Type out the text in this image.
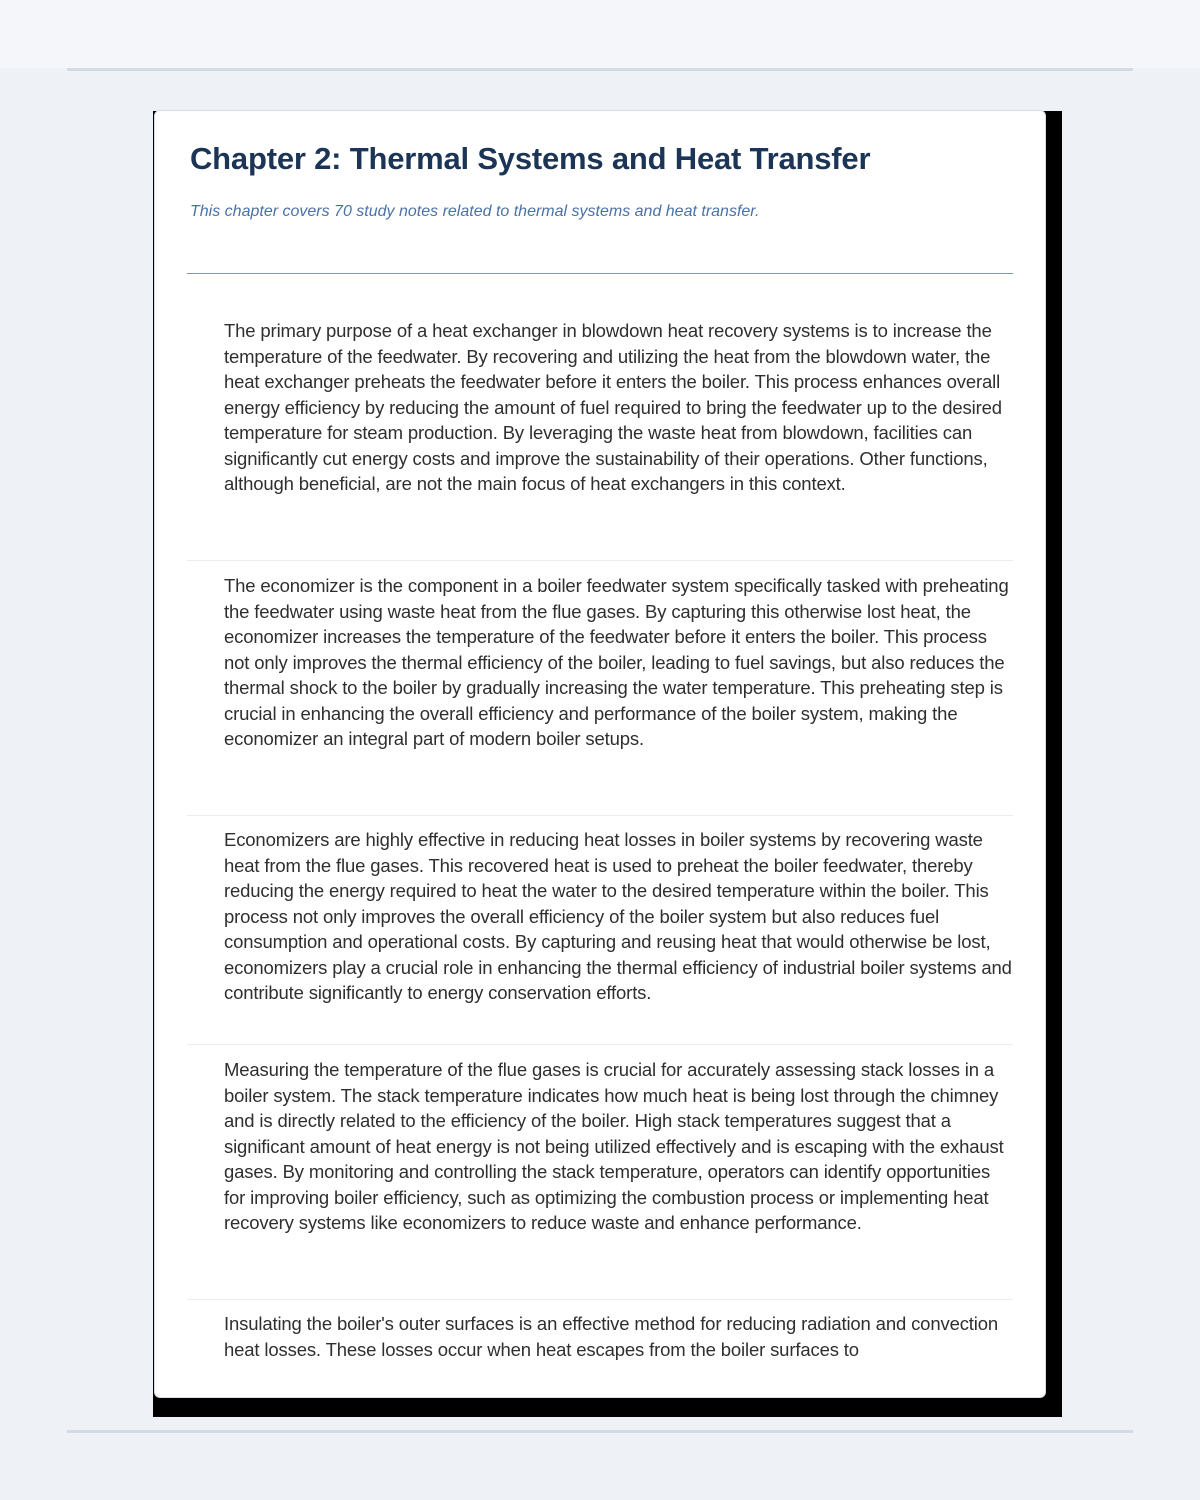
Chapter 2: Thermal Systems and Heat Transfer

This chapter covers 70 study notes related to thermal systems and heat transfer.

The primary purpose of a heat exchanger in blowdown heat recovery systems is to increase the temperature of the feedwater. By recovering and utilizing the heat from the blowdown water, the heat exchanger preheats the feedwater before it enters the boiler. This process enhances overall energy efficiency by reducing the amount of fuel required to bring the feedwater up to the desired temperature for steam production. By leveraging the waste heat from blowdown, facilities can significantly cut energy costs and improve the sustainability of their operations. Other functions, although beneficial, are not the main focus of heat exchangers in this context.

The economizer is the component in a boiler feedwater system specifically tasked with preheating the feedwater using waste heat from the flue gases. By capturing this otherwise lost heat, the economizer increases the temperature of the feedwater before it enters the boiler. This process not only improves the thermal efficiency of the boiler, leading to fuel savings, but also reduces the thermal shock to the boiler by gradually increasing the water temperature. This preheating step is crucial in enhancing the overall efficiency and performance of the boiler system, making the economizer an integral part of modern boiler setups.

Economizers are highly effective in reducing heat losses in boiler systems by recovering waste heat from the flue gases. This recovered heat is used to preheat the boiler feedwater, thereby reducing the energy required to heat the water to the desired temperature within the boiler. This process not only improves the overall efficiency of the boiler system but also reduces fuel consumption and operational costs. By capturing and reusing heat that would otherwise be lost, economizers play a crucial role in enhancing the thermal efficiency of industrial boiler systems and contribute significantly to energy conservation efforts.

Measuring the temperature of the flue gases is crucial for accurately assessing stack losses in a boiler system. The stack temperature indicates how much heat is being lost through the chimney and is directly related to the efficiency of the boiler. High stack temperatures suggest that a significant amount of heat energy is not being utilized effectively and is escaping with the exhaust gases. By monitoring and controlling the stack temperature, operators can identify opportunities for improving boiler efficiency, such as optimizing the combustion process or implementing heat recovery systems like economizers to reduce waste and enhance performance.

Insulating the boiler's outer surfaces is an effective method for reducing radiation and convection heat losses. These losses occur when heat escapes from the boiler surfaces to
